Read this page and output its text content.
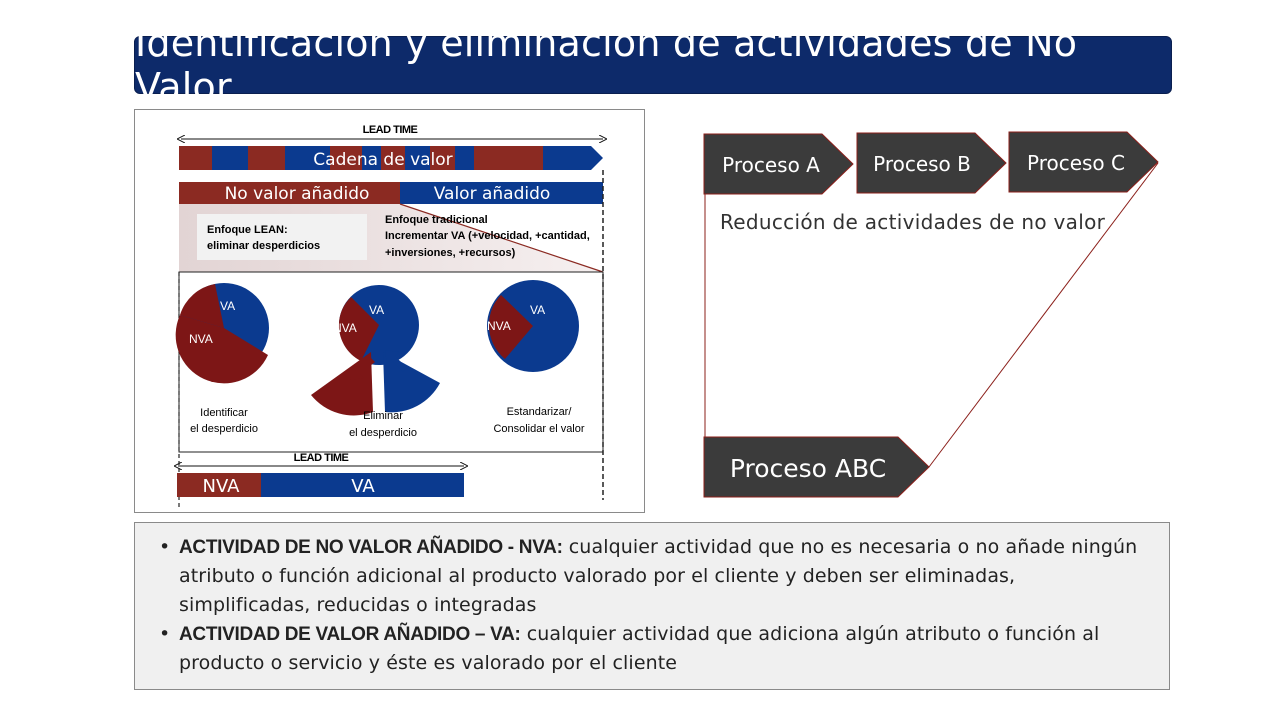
Identificación y eliminación de actividades de No Valor
LEAD TIME
Cadena de valor
No valor añadido	Valor añadido
Enfoque LEAN:
eliminar desperdicios
Enfoque tradicional
Incrementar VA (+velocidad, +cantidad,
+inversiones, +recursos)
VA
NVA
VA
NVA
VA
NVA
Identificar
el desperdicio
Eliminar
el desperdicio
Estandarizar/
Consolidar el valor
LEAD TIME
NVA	VA
Proceso A	Proceso B	Proceso C
Proceso ABC
Reducción de actividades de no valor
• ACTIVIDAD DE NO VALOR AÑADIDO - NVA: cualquier actividad que no es necesaria o no añade ningún atributo o función adicional al producto valorado por el cliente y deben ser eliminadas, simplificadas, reducidas o integradas
• ACTIVIDAD DE VALOR AÑADIDO – VA: cualquier actividad que adiciona algún atributo o función al producto o servicio y éste es valorado por el cliente
